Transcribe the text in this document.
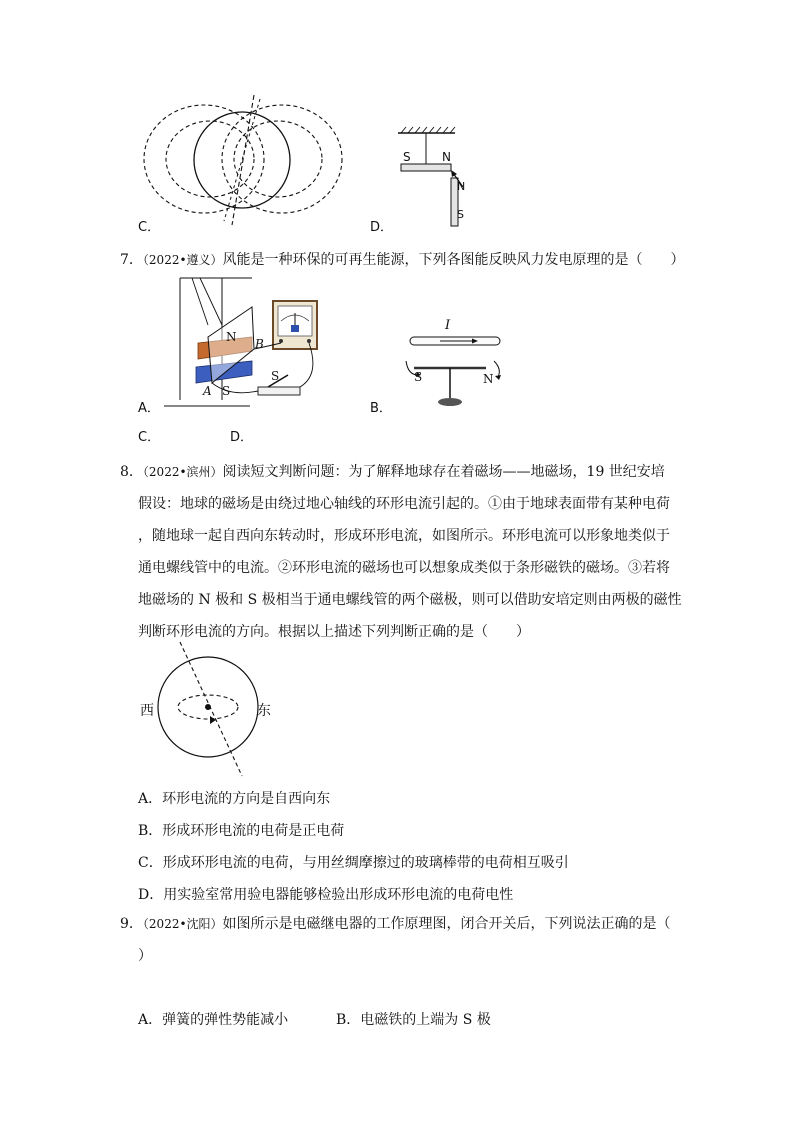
C．
S	N
N
S
D．
7．（2022•遵义）风能是一种环保的可再生能源，下列各图能反映风力发电原理的是（　　）
N B
A S
S
A．
I
S	N
B．
C．	D．
8．（2022•滨州）阅读短文判断问题：为了解释地球存在着磁场——地磁场，19 世纪安培
假设：地球的磁场是由绕过地心轴线的环形电流引起的。①由于地球表面带有某种电荷
，随地球一起自西向东转动时，形成环形电流，如图所示。环形电流可以形象地类似于
通电螺线管中的电流。②环形电流的磁场也可以想象成类似于条形磁铁的磁场。③若将
地磁场的 N 极和 S 极相当于通电螺线管的两个磁极，则可以借助安培定则由两极的磁性
判断环形电流的方向。根据以上描述下列判断正确的是（　　）
西	东
A．环形电流的方向是自西向东
B．形成环形电流的电荷是正电荷
C．形成环形电流的电荷，与用丝绸摩擦过的玻璃棒带的电荷相互吸引
D．用实验室常用验电器能够检验出形成环形电流的电荷电性
9．（2022•沈阳）如图所示是电磁继电器的工作原理图，闭合开关后，下列说法正确的是（
）
A．弹簧的弹性势能减小	B．电磁铁的上端为 S 极
